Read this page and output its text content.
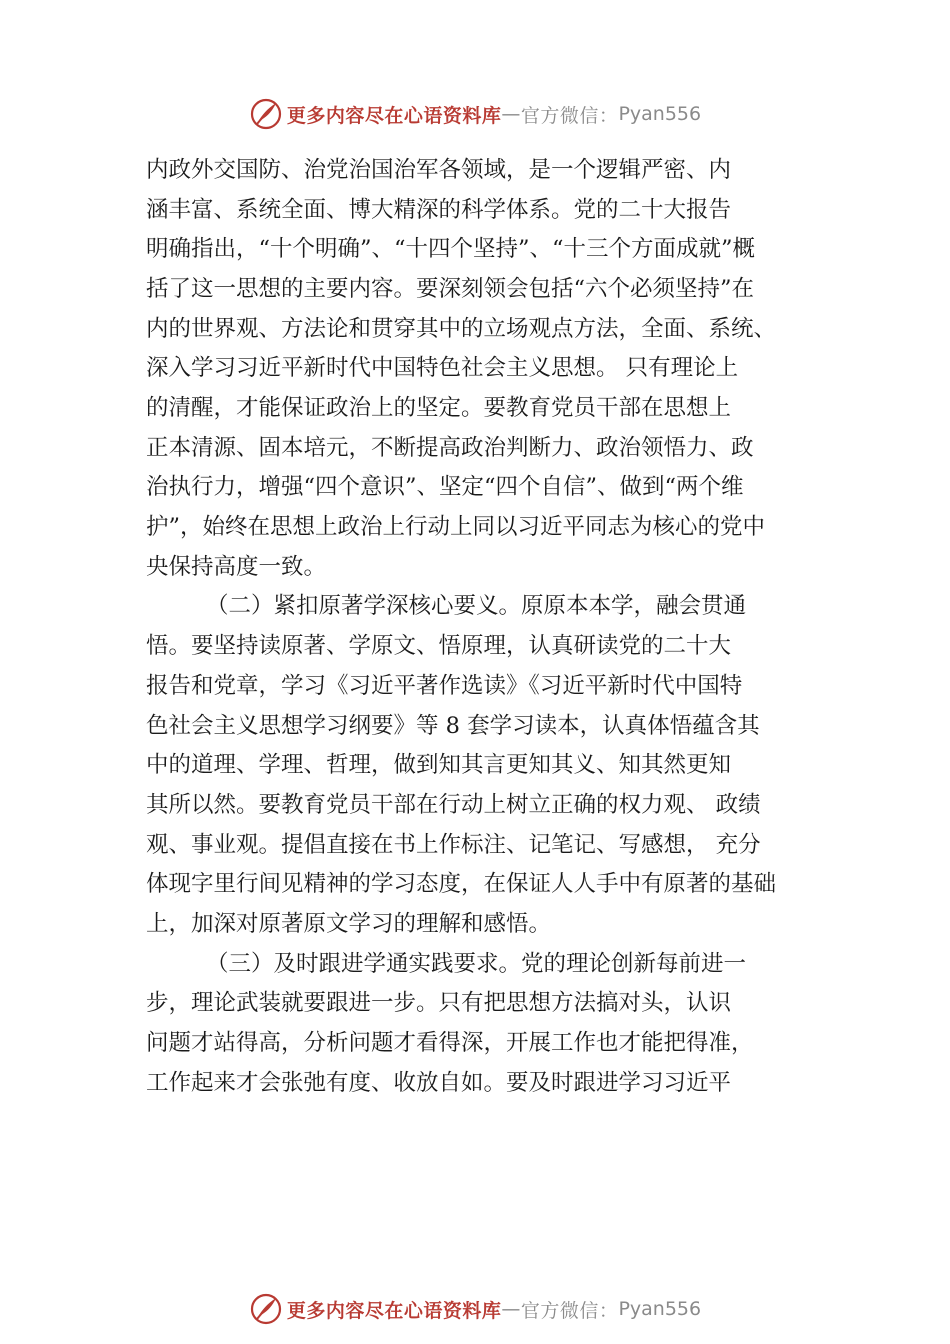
更多内容尽在心语资料库 — 官方微信： Pyan556
内政外交国防、治党治国治军各领域，是一个逻辑严密、内
涵丰富、系统全面、博大精深的科学体系。党的二十大报告
明确指出，“十个明确”、“十四个坚持”、“十三个方面成就”概
括了这一思想的主要内容。要深刻领会包括“六个必须坚持”在
内的世界观、方法论和贯穿其中的立场观点方法，全面、系统、
深入学习习近平新时代中国特色社会主义思想。 只有理论上
的清醒，才能保证政治上的坚定。要教育党员干部在思想上
正本清源、固本培元，不断提高政治判断力、政治领悟力、政
治执行力，增强“四个意识”、坚定“四个自信”、做到“两个维
护”，始终在思想上政治上行动上同以习近平同志为核心的党中
央保持高度一致。
（二）紧扣原著学深核心要义。原原本本学，融会贯通
悟。要坚持读原著、学原文、悟原理，认真研读党的二十大
报告和党章，学习《习近平著作选读》《习近平新时代中国特
色社会主义思想学习纲要》等 8 套学习读本，认真体悟蕴含其
中的道理、学理、哲理，做到知其言更知其义、知其然更知
其所以然。要教育党员干部在行动上树立正确的权力观、 政绩
观、事业观。提倡直接在书上作标注、记笔记、写感想， 充分
体现字里行间见精神的学习态度，在保证人人手中有原著的基础
上，加深对原著原文学习的理解和感悟。
（三）及时跟进学通实践要求。党的理论创新每前进一
步，理论武装就要跟进一步。只有把思想方法搞对头，认识
问题才站得高，分析问题才看得深，开展工作也才能把得准，
工作起来才会张弛有度、收放自如。要及时跟进学习习近平
更多内容尽在心语资料库 — 官方微信： Pyan556
